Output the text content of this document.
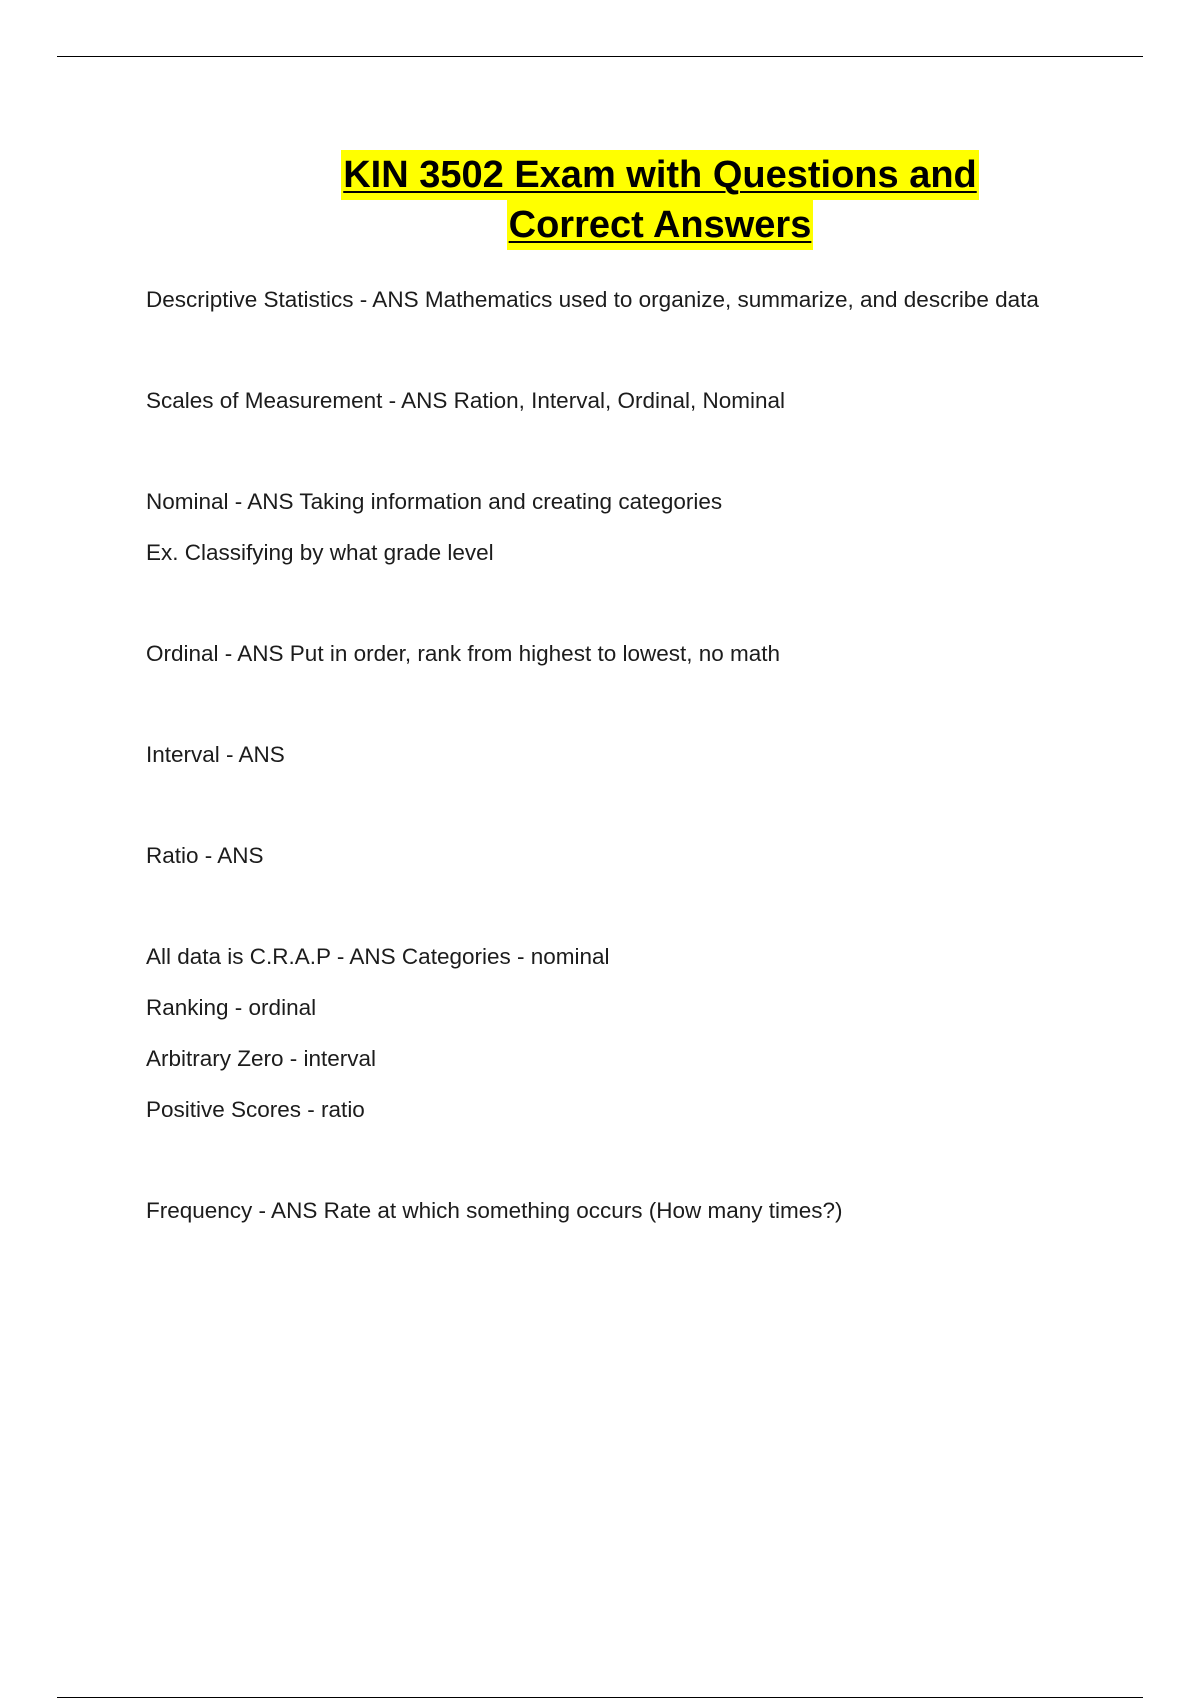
KIN 3502 Exam with Questions and
Correct Answers
Descriptive Statistics - ANS Mathematics used to organize, summarize, and describe data
Scales of Measurement - ANS Ration, Interval, Ordinal, Nominal
Nominal - ANS Taking information and creating categories
Ex. Classifying by what grade level
Ordinal - ANS Put in order, rank from highest to lowest, no math
Interval - ANS
Ratio - ANS
All data is C.R.A.P - ANS Categories - nominal
Ranking - ordinal
Arbitrary Zero - interval
Positive Scores - ratio
Frequency - ANS Rate at which something occurs (How many times?)
